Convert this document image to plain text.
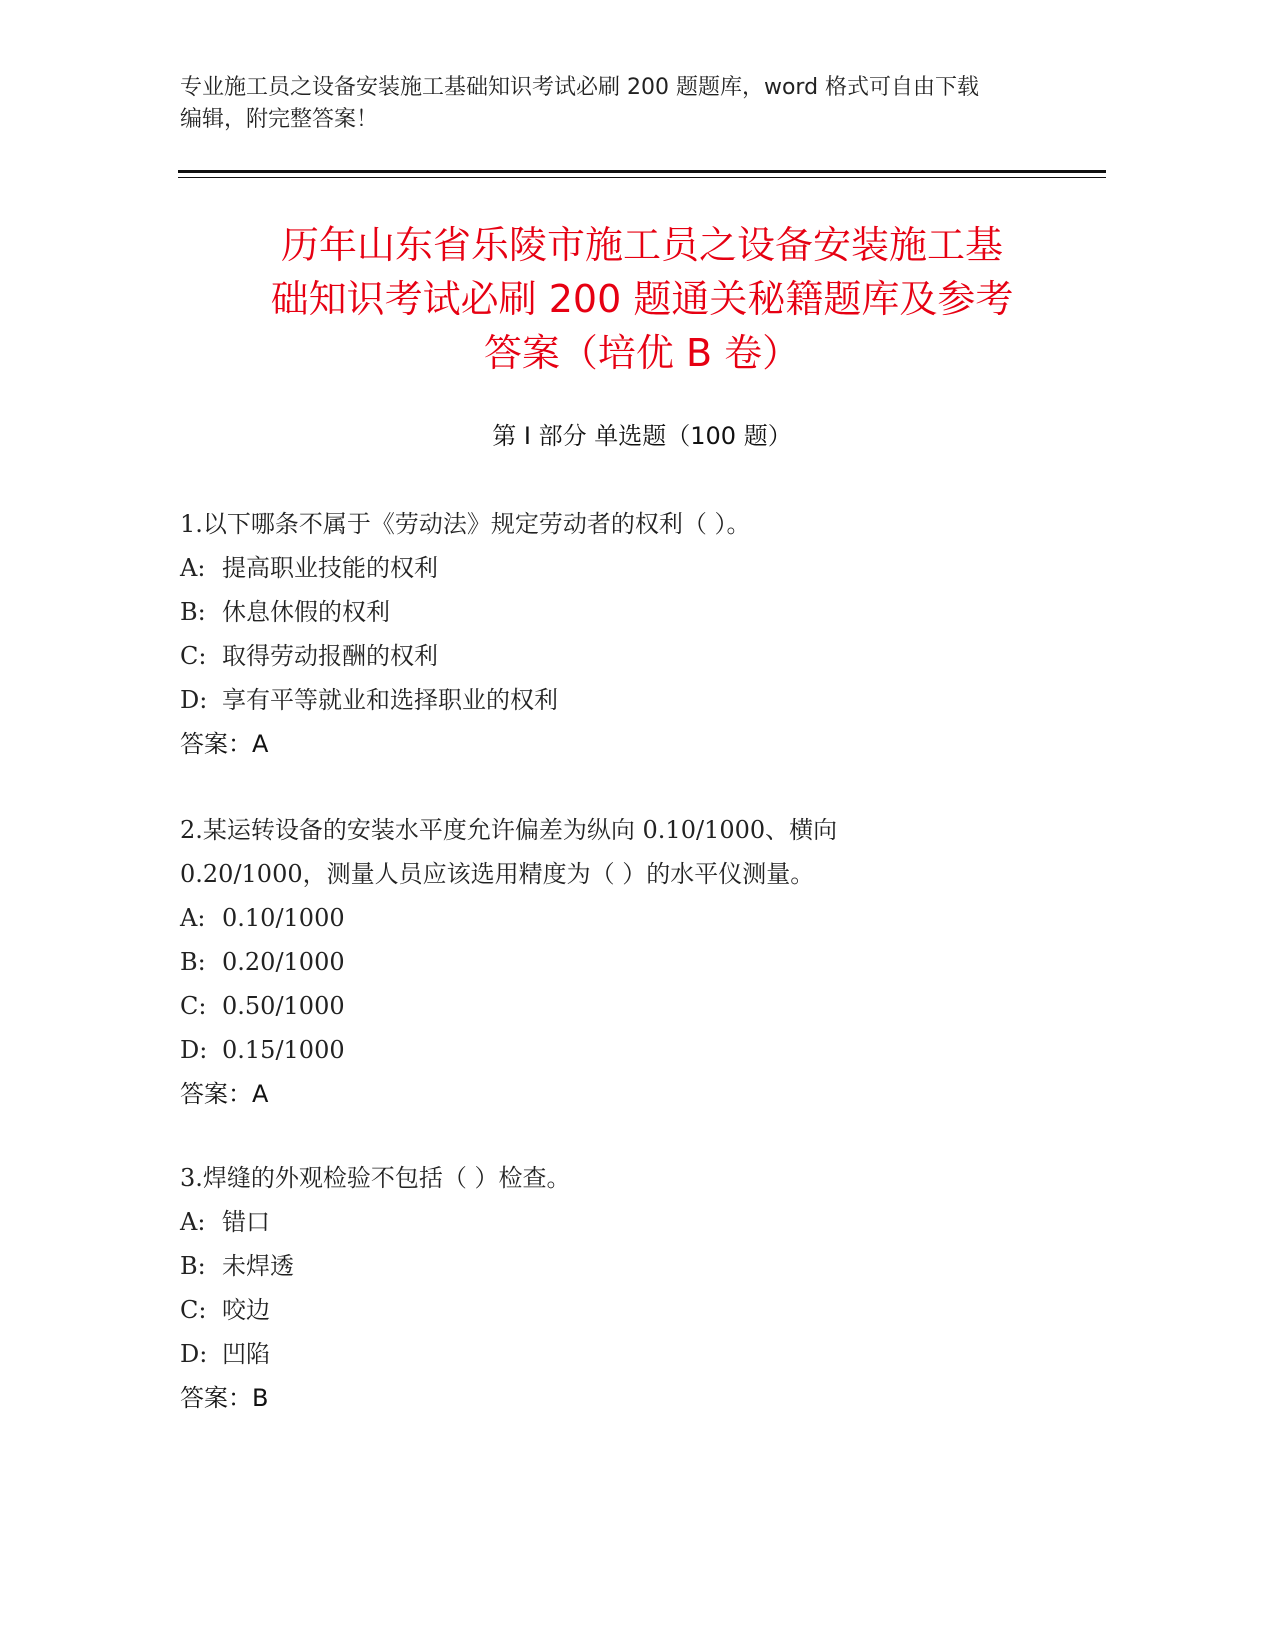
专业施工员之设备安装施工基础知识考试必刷 200 题题库，word 格式可自由下载
编辑，附完整答案！
历年山东省乐陵市施工员之设备安装施工基
础知识考试必刷 200 题通关秘籍题库及参考
答案（培优 B 卷）
第 I 部分 单选题（100 题）
1.以下哪条不属于《劳动法》规定劳动者的权利（ ）。
A: 提高职业技能的权利
B: 休息休假的权利
C: 取得劳动报酬的权利
D: 享有平等就业和选择职业的权利
答案：A
2.某运转设备的安装水平度允许偏差为纵向 0.10/1000、横向
0.20/1000，测量人员应该选用精度为（ ）的水平仪测量。
A: 0.10/1000
B: 0.20/1000
C: 0.50/1000
D: 0.15/1000
答案：A
3.焊缝的外观检验不包括（ ）检查。
A: 错口
B: 未焊透
C: 咬边
D: 凹陷
答案：B
